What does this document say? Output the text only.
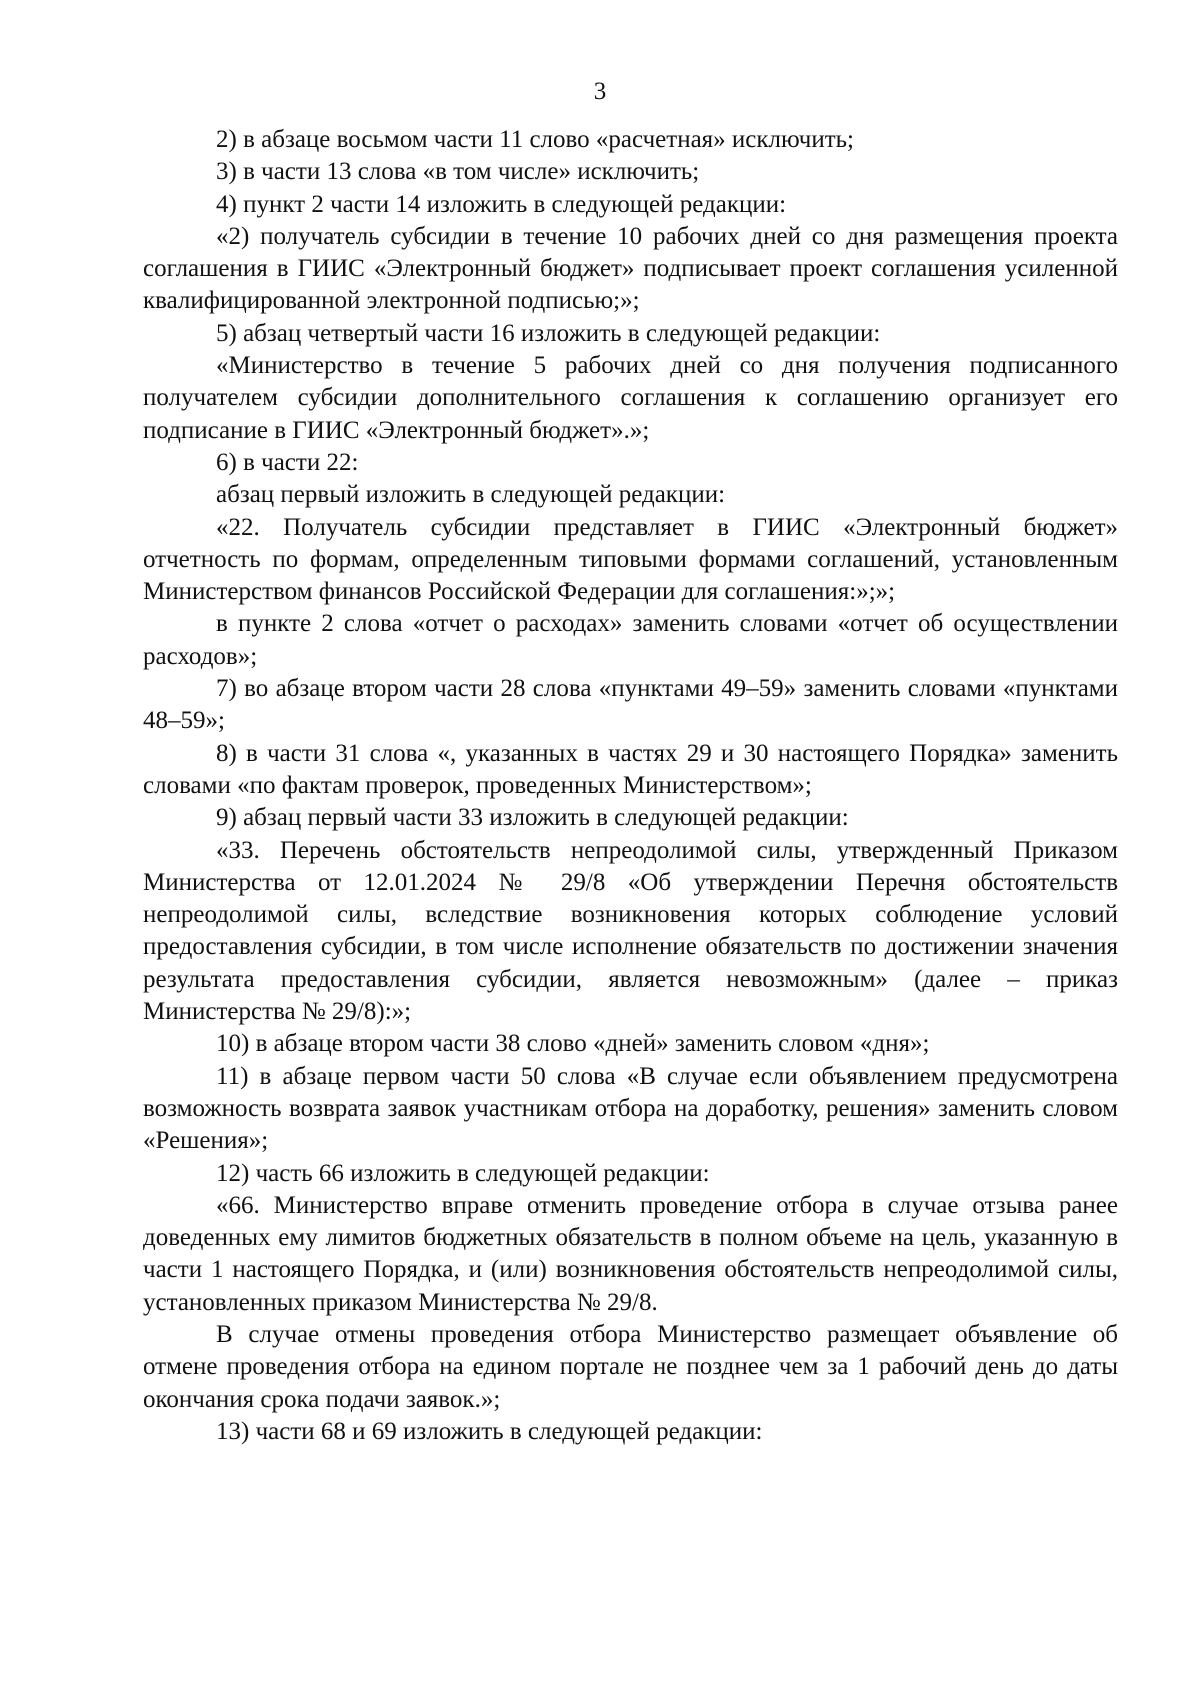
3

2) в абзаце восьмом части 11 слово «расчетная» исключить;

3) в части 13 слова «в том числе» исключить;

4) пункт 2 части 14 изложить в следующей редакции:

«2) получатель субсидии в течение 10 рабочих дней со дня размещения проекта соглашения в ГИИС «Электронный бюджет» подписывает проект соглашения усиленной квалифицированной электронной подписью;»;

5) абзац четвертый части 16 изложить в следующей редакции:

«Министерство в течение 5 рабочих дней со дня получения подписанного получателем субсидии дополнительного соглашения к соглашению организует его подписание в ГИИС «Электронный бюджет».»;

6) в части 22:

абзац первый изложить в следующей редакции:

«22. Получатель субсидии представляет в ГИИС «Электронный бюджет» отчетность по формам, определенным типовыми формами соглашений, установленным Министерством финансов Российской Федерации для соглашения:»;»;

в пункте 2 слова «отчет о расходах» заменить словами «отчет об осуществлении расходов»;

7) во абзаце втором части 28 слова «пунктами 49–59» заменить словами «пунктами 48–59»;

8) в части 31 слова «, указанных в частях 29 и 30 настоящего Порядка» заменить словами «по фактам проверок, проведенных Министерством»;

9) абзац первый части 33 изложить в следующей редакции:

«33. Перечень обстоятельств непреодолимой силы, утвержденный Приказом Министерства от 12.01.2024 № 29/8 «Об утверждении Перечня обстоятельств непреодолимой силы, вследствие возникновения которых соблюдение условий предоставления субсидии, в том числе исполнение обязательств по достижении значения результата предоставления субсидии, является невозможным» (далее – приказ Министерства № 29/8):»;

10) в абзаце втором части 38 слово «дней» заменить словом «дня»;

11) в абзаце первом части 50 слова «В случае если объявлением предусмотрена возможность возврата заявок участникам отбора на доработку, решения» заменить словом «Решения»;

12) часть 66 изложить в следующей редакции:

«66. Министерство вправе отменить проведение отбора в случае отзыва ранее доведенных ему лимитов бюджетных обязательств в полном объеме на цель, указанную в части 1 настоящего Порядка, и (или) возникновения обстоятельств непреодолимой силы, установленных приказом Министерства № 29/8.

В случае отмены проведения отбора Министерство размещает объявление об отмене проведения отбора на едином портале не позднее чем за 1 рабочий день до даты окончания срока подачи заявок.»;

13) части 68 и 69 изложить в следующей редакции:
